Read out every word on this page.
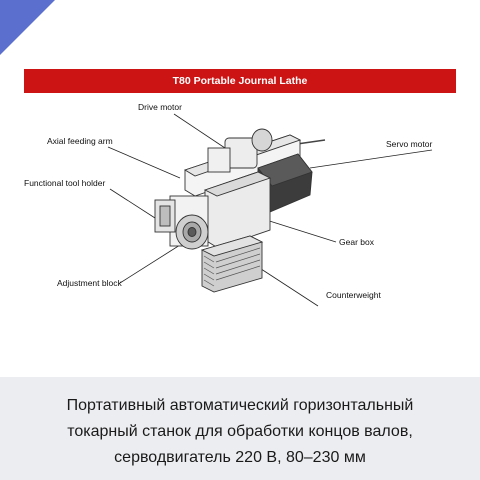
T80 Portable Journal Lathe
Drive motor
Axial feeding arm	Servo motor
Functional tool holder
Gear box
Adjustment block
Counterweight
Портативный автоматический горизонтальный
токарный станок для обработки концов валов,
серводвигатель 220 В, 80–230 мм
